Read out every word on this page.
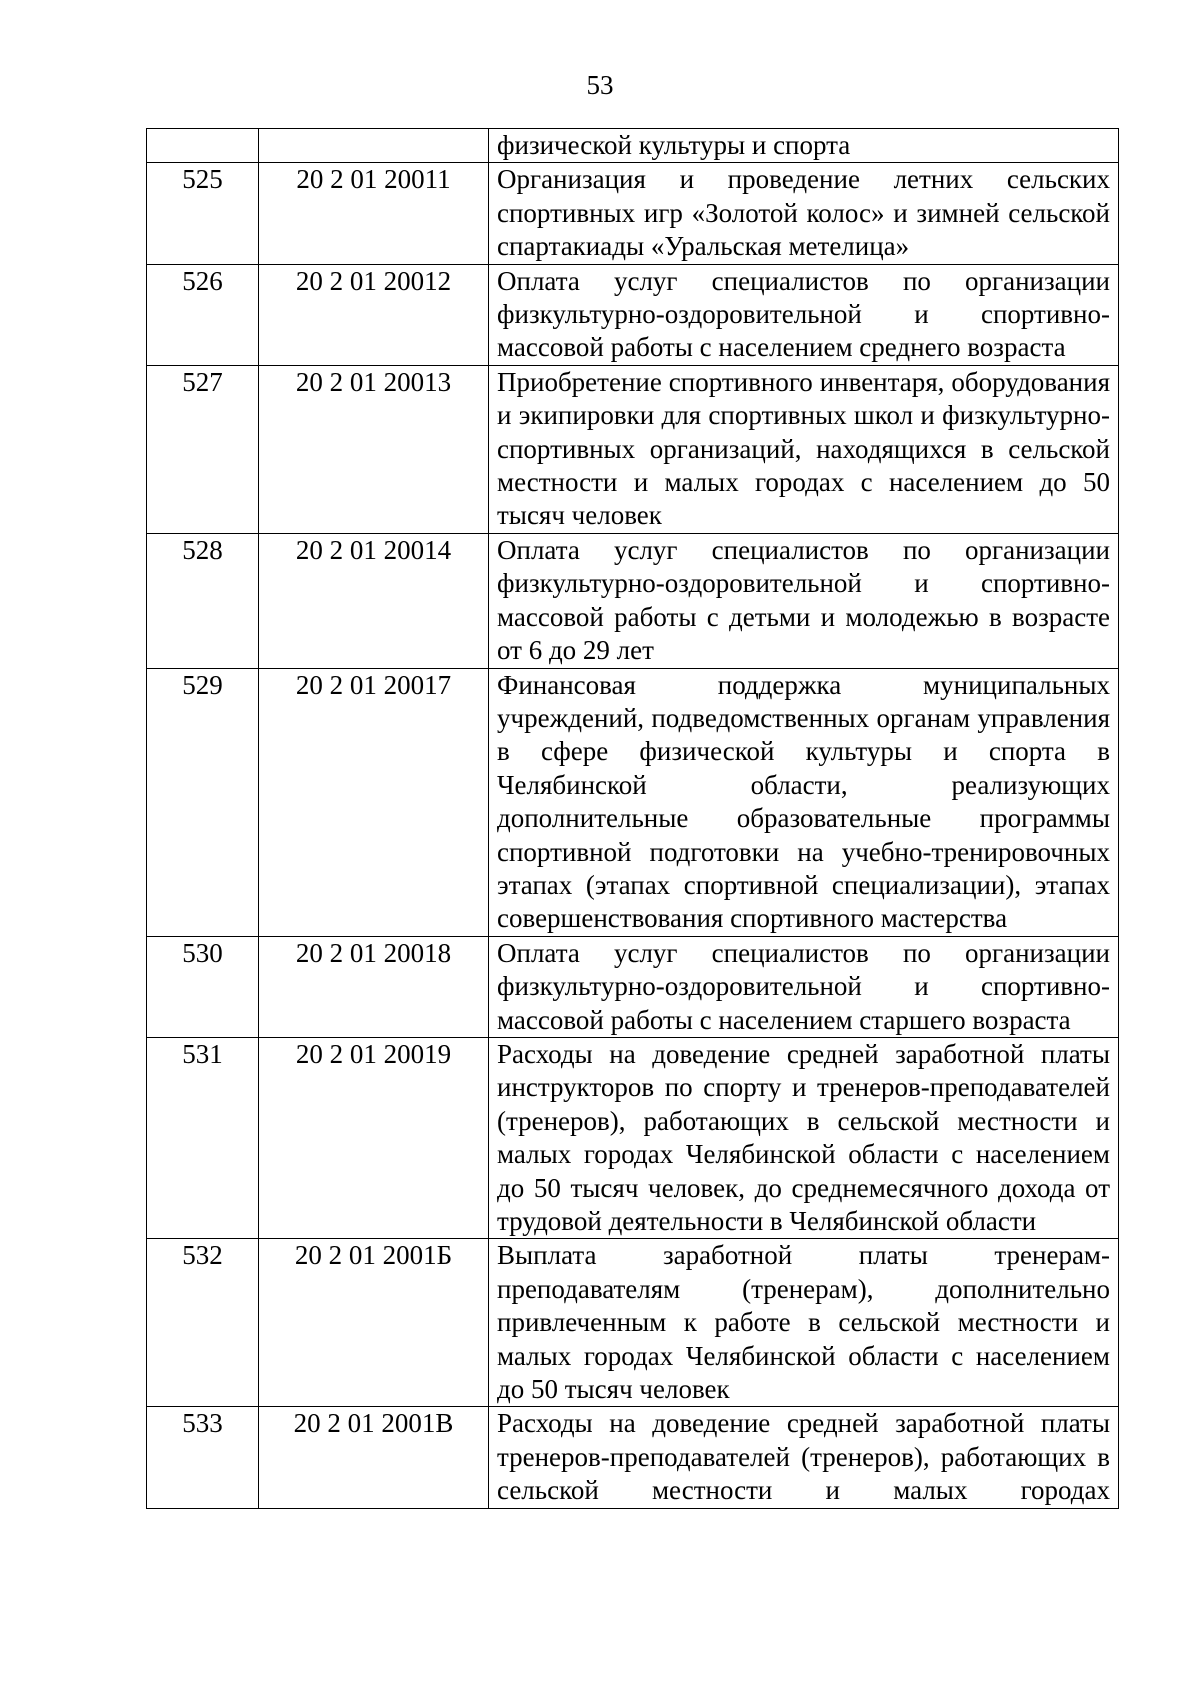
53
		физической культуры и спорта
525	20 2 01 20011	Организация и проведение летних сельских спортивных игр «Золотой колос» и зимней сельской спартакиады «Уральская метелица»
526	20 2 01 20012	Оплата услуг специалистов по организации физкультурно-оздоровительной и спортивно-массовой работы с населением среднего возраста
527	20 2 01 20013	Приобретение спортивного инвентаря, оборудования и экипировки для спортивных школ и физкультурно-спортивных организаций, находящихся в сельской местности и малых городах с населением до 50 тысяч человек
528	20 2 01 20014	Оплата услуг специалистов по организации физкультурно-оздоровительной и спортивно-массовой работы с детьми и молодежью в возрасте от 6 до 29 лет
529	20 2 01 20017	Финансовая поддержка муниципальных учреждений, подведомственных органам управления в сфере физической культуры и спорта в Челябинской области, реализующих дополнительные образовательные программы спортивной подготовки на учебно-тренировочных этапах (этапах спортивной специализации), этапах совершенствования спортивного мастерства
530	20 2 01 20018	Оплата услуг специалистов по организации физкультурно-оздоровительной и спортивно-массовой работы с населением старшего возраста
531	20 2 01 20019	Расходы на доведение средней заработной платы инструкторов по спорту и тренеров-преподавателей (тренеров), работающих в сельской местности и малых городах Челябинской области с населением до 50 тысяч человек, до среднемесячного дохода от трудовой деятельности в Челябинской области
532	20 2 01 2001Б	Выплата заработной платы тренерам-преподавателям (тренерам), дополнительно привлеченным к работе в сельской местности и малых городах Челябинской области с населением до 50 тысяч человек
533	20 2 01 2001В	Расходы на доведение средней заработной платы тренеров-преподавателей (тренеров), работающих в сельской местности и малых городах
